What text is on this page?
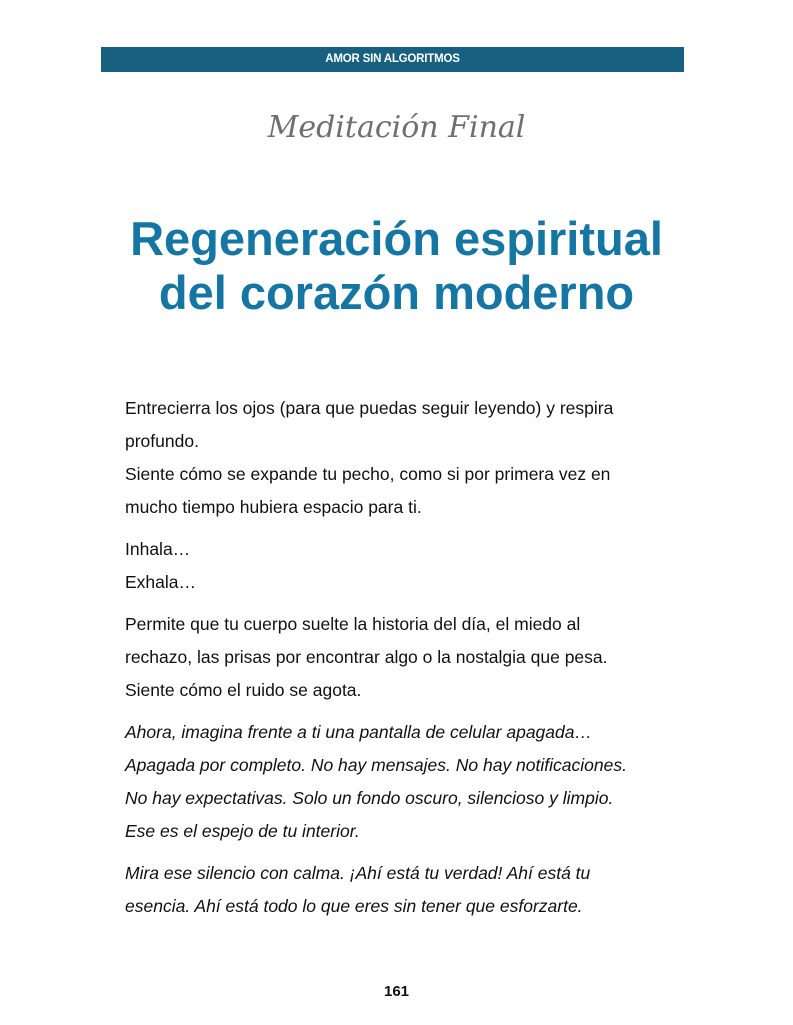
AMOR SIN ALGORITMOS
Meditación Final
Regeneración espiritual
del corazón moderno

Entrecierra los ojos (para que puedas seguir leyendo) y respira
profundo.
Siente cómo se expande tu pecho, como si por primera vez en
mucho tiempo hubiera espacio para ti.

Inhala…
Exhala…

Permite que tu cuerpo suelte la historia del día, el miedo al
rechazo, las prisas por encontrar algo o la nostalgia que pesa.
Siente cómo el ruido se agota.

Ahora, imagina frente a ti una pantalla de celular apagada…
Apagada por completo. No hay mensajes. No hay notificaciones.
No hay expectativas. Solo un fondo oscuro, silencioso y limpio.
Ese es el espejo de tu interior.

Mira ese silencio con calma. ¡Ahí está tu verdad! Ahí está tu
esencia. Ahí está todo lo que eres sin tener que esforzarte.

161
